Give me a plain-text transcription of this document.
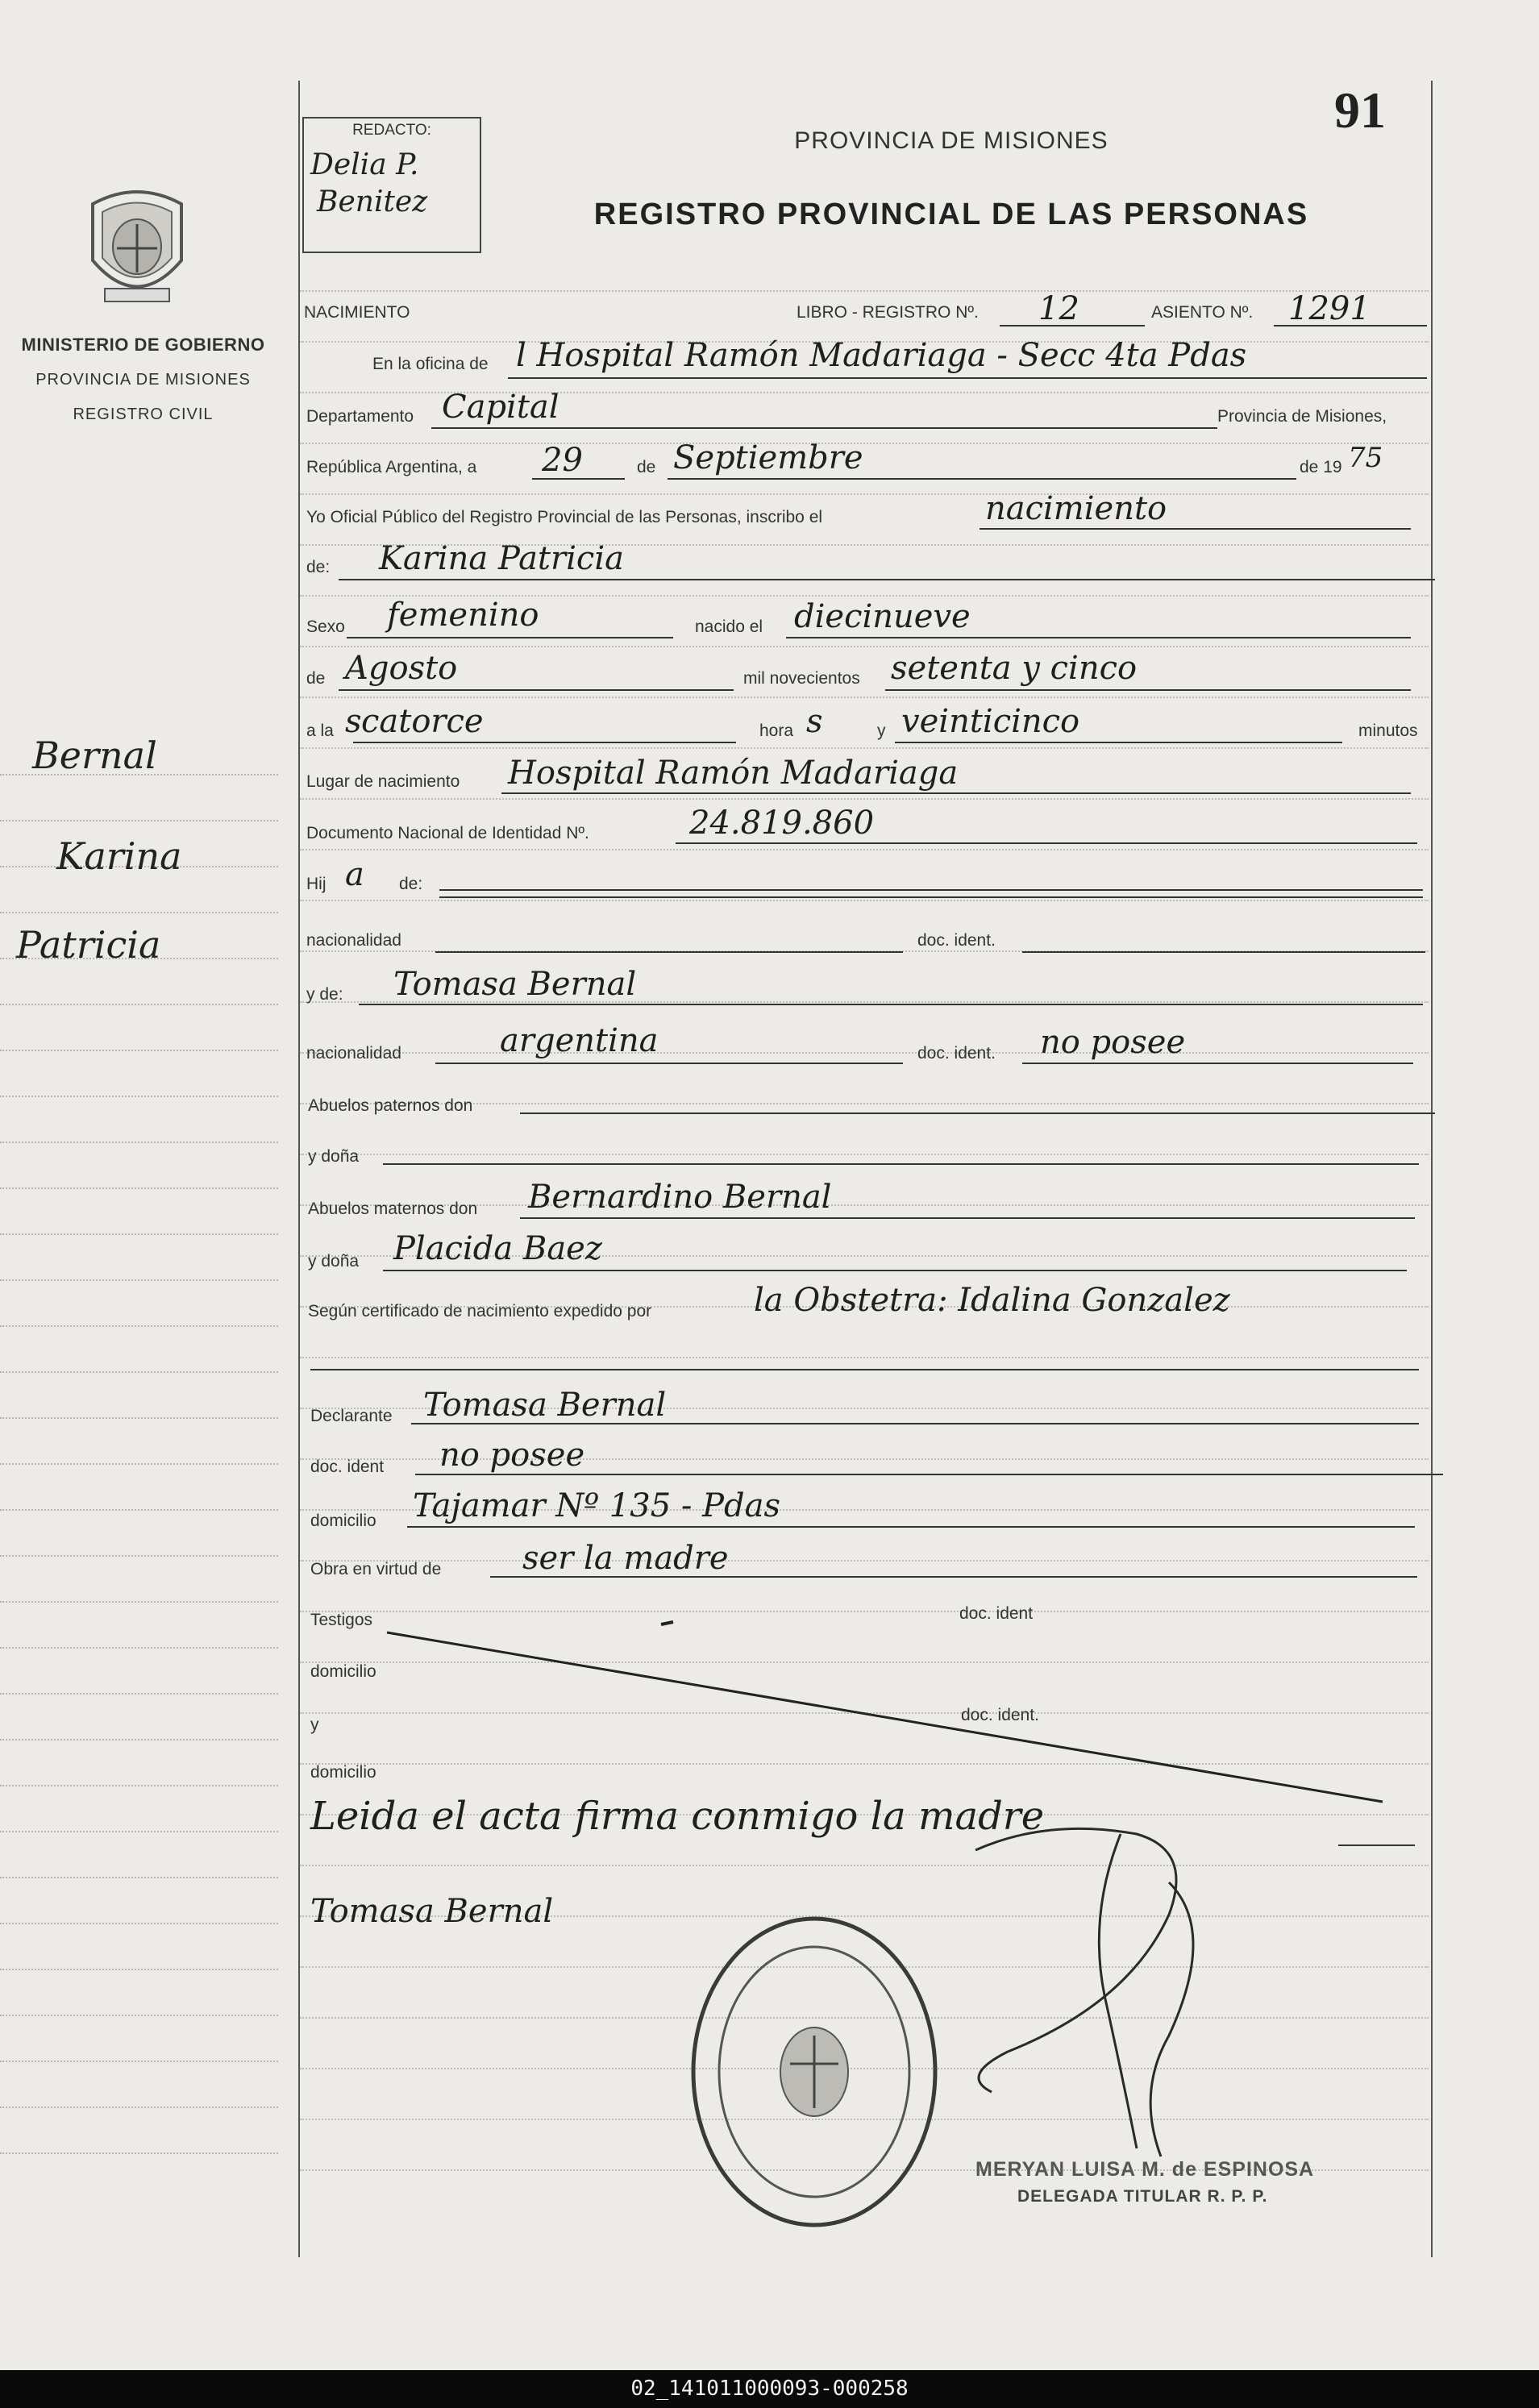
MINISTERIO DE GOBIERNO
PROVINCIA DE MISIONES
REGISTRO CIVIL
Bernal
Karina
Patricia
REDACTO:
Delia P.
Benitez
PROVINCIA DE MISIONES
REGISTRO PROVINCIAL DE LAS PERSONAS
91
NACIMIENTO	LIBRO - REGISTRO Nº. 12	ASIENTO Nº. 1291
En la oficina de l Hospital Ramón Madariaga - Secc 4ta Pdas
Departamento Capital	Provincia de Misiones,
República Argentina, a 29	de Septiembre	de 19 75
Yo Oficial Público del Registro Provincial de las Personas, inscribo el	nacimiento
de: Karina Patricia
Sexo femenino	nacido el diecinueve
de Agosto	mil novecientos setenta y cinco
a la s catorce	hora s	y veinticinco	minutos
Lugar de nacimiento Hospital Ramón Madariaga
Documento Nacional de Identidad Nº.	24.819.860
Hij a de:
nacionalidad	doc. ident.
y de: Tomasa Bernal
nacionalidad	argentina	doc. ident. no posee
Abuelos paternos don
y doña
Abuelos maternos don Bernardino Bernal
y doña Placida Baez
Según certificado de nacimiento expedido por	la Obstetra: Idalina Gonzalez
Declarante Tomasa Bernal
doc. ident no posee
domicilio Tajamar Nº 135 - Pdas
Obra en virtud de	ser la madre
Testigos	doc. ident
domicilio
y
doc. ident.
domicilio
Leida el acta firma conmigo la madre
Tomasa Bernal
MERYAN LUISA M. de ESPINOSA
DELEGADA TITULAR R. P. P.
02_141011000093-000258
